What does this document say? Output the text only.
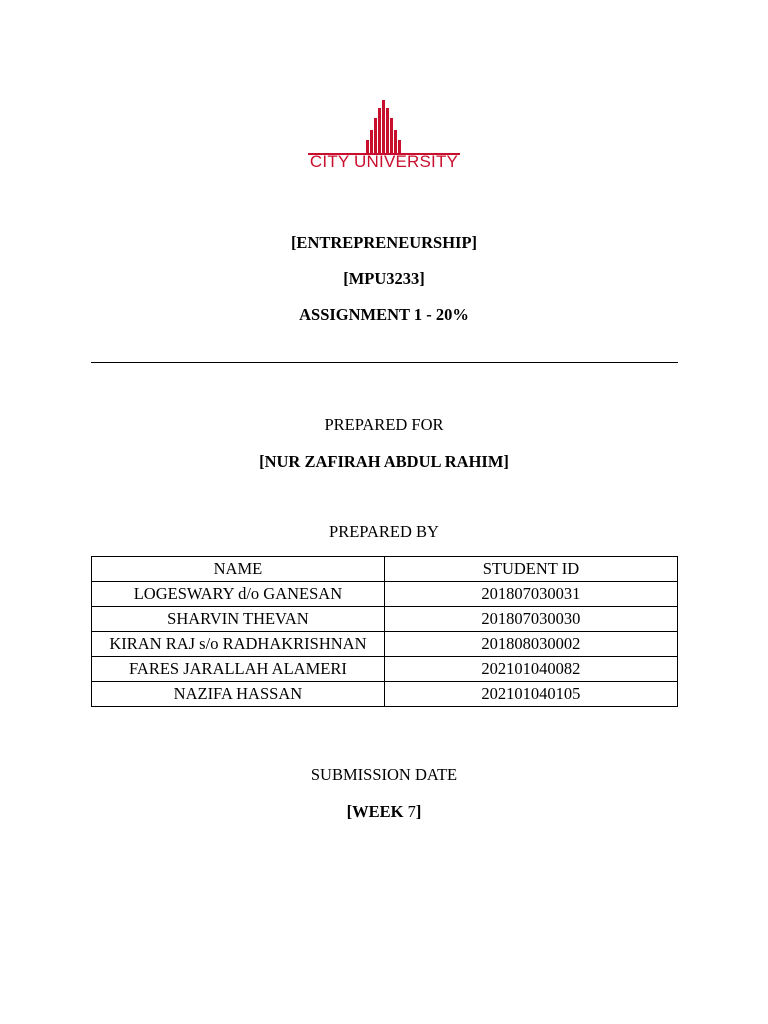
CITY UNIVERSITY
[ENTREPRENEURSHIP]
[MPU3233]
ASSIGNMENT 1 - 20%
PREPARED FOR
[NUR ZAFIRAH ABDUL RAHIM]
PREPARED BY
NAME	STUDENT ID
LOGESWARY d/o GANESAN	201807030031
SHARVIN THEVAN	201807030030
KIRAN RAJ s/o RADHAKRISHNAN	201808030002
FARES JARALLAH ALAMERI	202101040082
NAZIFA HASSAN	202101040105
SUBMISSION DATE
[WEEK 7]
